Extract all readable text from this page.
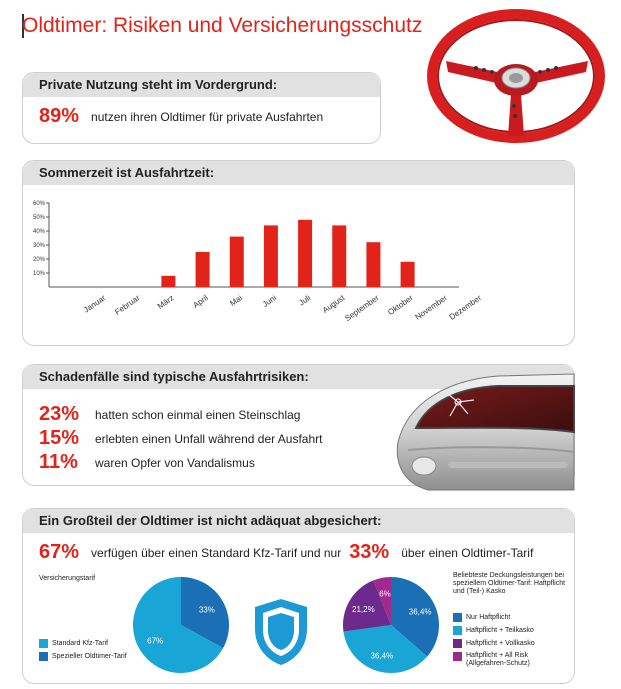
Oldtimer: Risiken und Versicherungsschutz
Private Nutzung steht im Vordergrund:
89% nutzen ihren Oldtimer für private Ausfahrten
Sommerzeit ist Ausfahrtzeit:
10%
20%
30%
40%
50%
60%
Januar Februar März April Mai Juni Juli August
September Oktober
November
Dezember
Schadenfälle sind typische Ausfahrtrisiken:
23%	hatten schon einmal einen Steinschlag
15%	erlebten einen Unfall während der Ausfahrt
11%	waren Opfer von Vandalismus
Ein Großteil der Oldtimer ist nicht adäquat abgesichert:
67% verfügen über einen Standard Kfz-Tarif und nur 33% über einen Oldtimer-Tarif
Versicherungstarif
Standard Kfz-Tarif
Spezieller Oldtimer-Tarif
33%
67%
36,4%
36,4%
21,2%
6%
Beliebteste Deckungsleistungen bei speziellem Oldtimer-Tarif: Haftpflicht und (Teil-) Kasko
Nur Haftpflicht
Haftpflicht + Teilkasko
Haftpflicht + Vollkasko
Haftpflicht + All Risk (Allgefahren-Schutz)
